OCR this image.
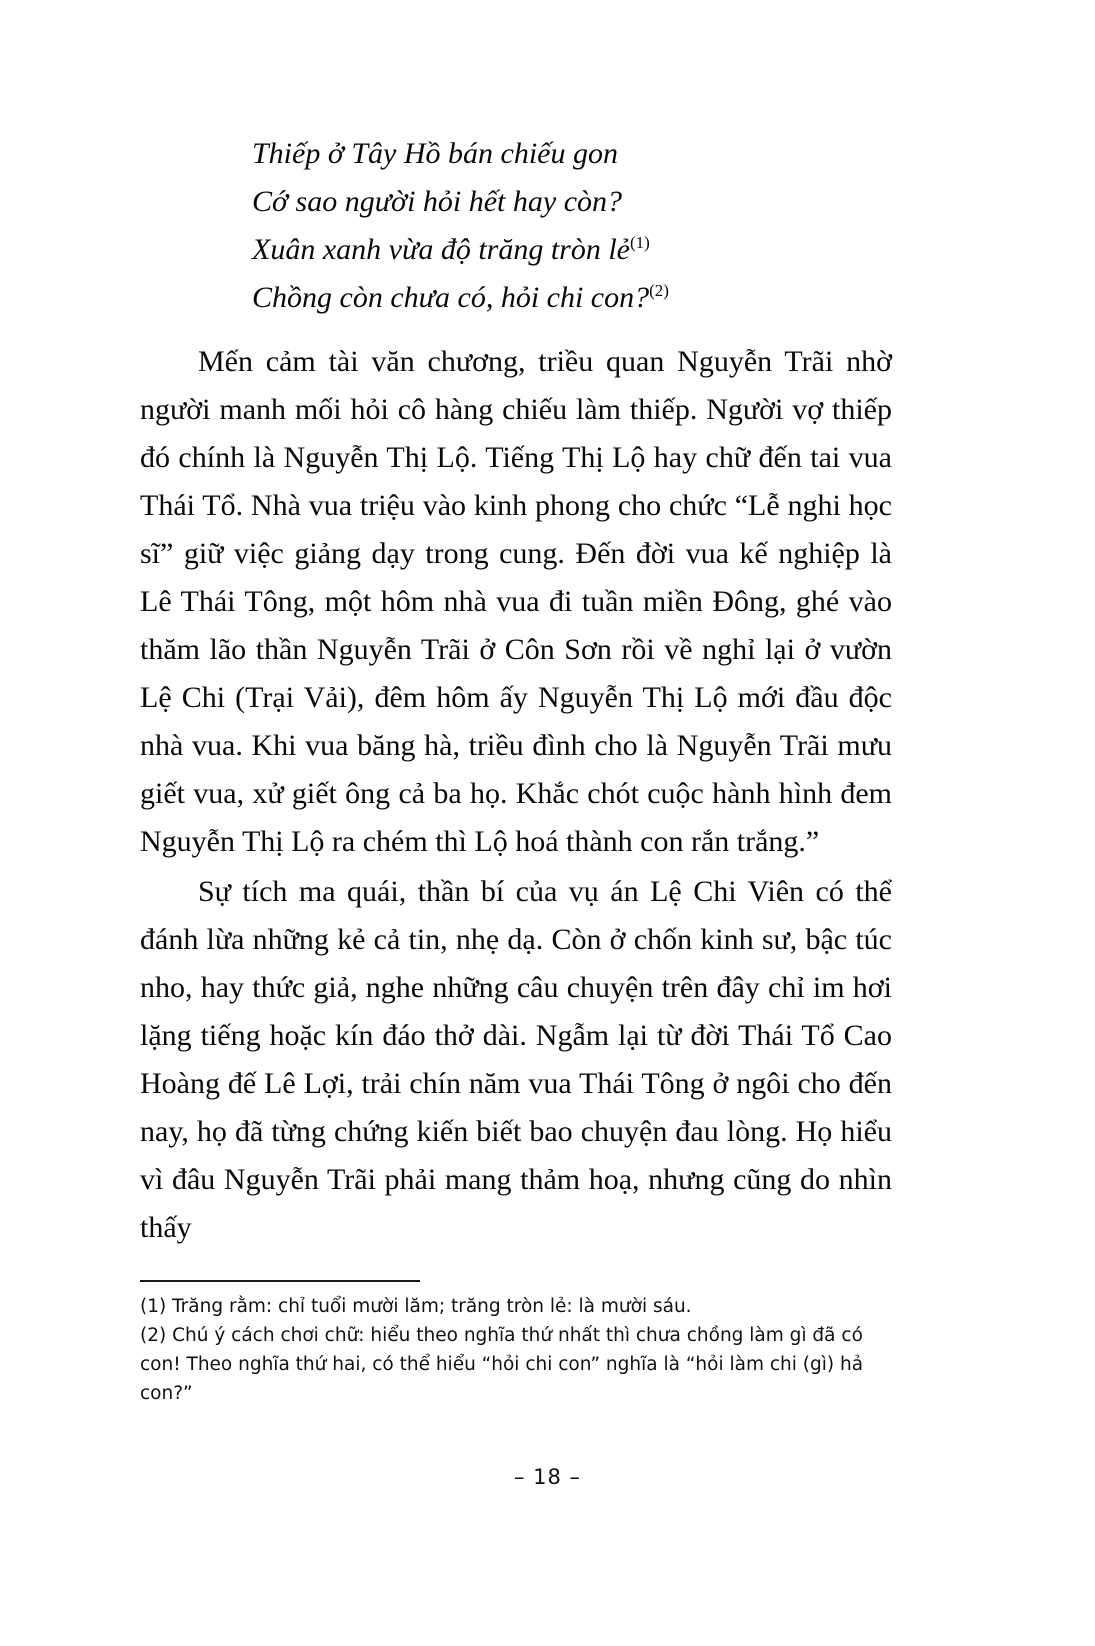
Thiếp ở Tây Hồ bán chiếu gon
Cớ sao người hỏi hết hay còn?
Xuân xanh vừa độ trăng tròn lẻ$^{(1)}$
Chồng còn chưa có, hỏi chi con?$^{(2)}$

Mến cảm tài văn chương, triều quan Nguyễn Trãi nhờ người manh mối hỏi cô hàng chiếu làm thiếp. Người vợ thiếp đó chính là Nguyễn Thị Lộ. Tiếng Thị Lộ hay chữ đến tai vua Thái Tổ. Nhà vua triệu vào kinh phong cho chức “Lễ nghi học sĩ” giữ việc giảng dạy trong cung. Đến đời vua kế nghiệp là Lê Thái Tông, một hôm nhà vua đi tuần miền Đông, ghé vào thăm lão thần Nguyễn Trãi ở Côn Sơn rồi về nghỉ lại ở vườn Lệ Chi (Trại Vải), đêm hôm ấy Nguyễn Thị Lộ mới đầu độc nhà vua. Khi vua băng hà, triều đình cho là Nguyễn Trãi mưu giết vua, xử giết ông cả ba họ. Khắc chót cuộc hành hình đem Nguyễn Thị Lộ ra chém thì Lộ hoá thành con rắn trắng.”

Sự tích ma quái, thần bí của vụ án Lệ Chi Viên có thể đánh lừa những kẻ cả tin, nhẹ dạ. Còn ở chốn kinh sư, bậc túc nho, hay thức giả, nghe những câu chuyện trên đây chỉ im hơi lặng tiếng hoặc kín đáo thở dài. Ngẫm lại từ đời Thái Tổ Cao Hoàng đế Lê Lợi, trải chín năm vua Thái Tông ở ngôi cho đến nay, họ đã từng chứng kiến biết bao chuyện đau lòng. Họ hiểu vì đâu Nguyễn Trãi phải mang thảm hoạ, nhưng cũng do nhìn thấy

(1) Trăng rằm: chỉ tuổi mười lăm; trăng tròn lẻ: là mười sáu.

(2) Chú ý cách chơi chữ: hiểu theo nghĩa thứ nhất thì chưa chồng làm gì đã có con! Theo nghĩa thứ hai, có thể hiểu “hỏi chi con” nghĩa là “hỏi làm chi (gì) hả con?”

– 18 –
